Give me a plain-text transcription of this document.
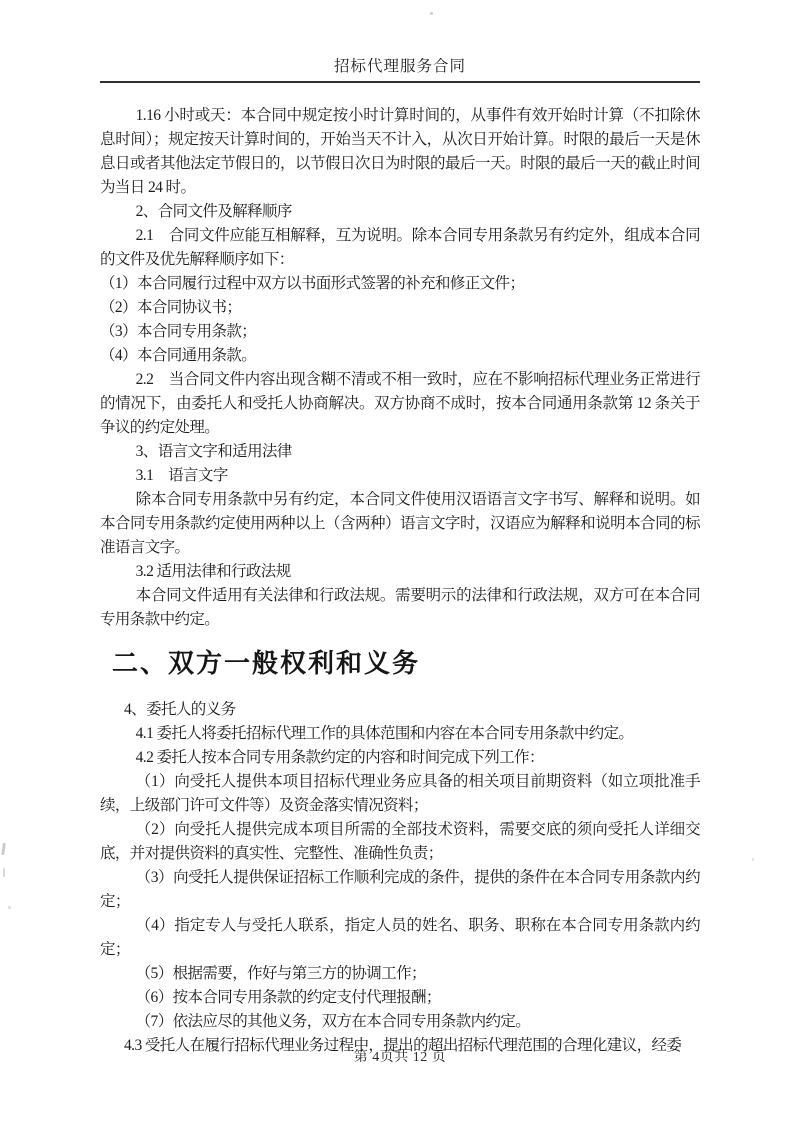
招标代理服务合同

1.16 小时或天：本合同中规定按小时计算时间的，从事件有效开始时计算（不扣除休息时间）；规定按天计算时间的，开始当天不计入，从次日开始计算。时限的最后一天是休息日或者其他法定节假日的，以节假日次日为时限的最后一天。时限的最后一天的截止时间为当日 24 时。

2、合同文件及解释顺序

2.1　合同文件应能互相解释，互为说明。除本合同专用条款另有约定外，组成本合同的文件及优先解释顺序如下：

（1）本合同履行过程中双方以书面形式签署的补充和修正文件；

（2）本合同协议书；

（3）本合同专用条款；

（4）本合同通用条款。

2.2　当合同文件内容出现含糊不清或不相一致时，应在不影响招标代理业务正常进行的情况下，由委托人和受托人协商解决。双方协商不成时，按本合同通用条款第 12 条关于争议的约定处理。

3、语言文字和适用法律

3.1　语言文字

除本合同专用条款中另有约定，本合同文件使用汉语语言文字书写、解释和说明。如本合同专用条款约定使用两种以上（含两种）语言文字时，汉语应为解释和说明本合同的标准语言文字。

3.2 适用法律和行政法规

本合同文件适用有关法律和行政法规。需要明示的法律和行政法规，双方可在本合同专用条款中约定。

二、双方一般权利和义务

4、委托人的义务

4.1 委托人将委托招标代理工作的具体范围和内容在本合同专用条款中约定。

4.2 委托人按本合同专用条款约定的内容和时间完成下列工作：

（1）向受托人提供本项目招标代理业务应具备的相关项目前期资料（如立项批准手续，上级部门许可文件等）及资金落实情况资料；

（2）向受托人提供完成本项目所需的全部技术资料，需要交底的须向受托人详细交底，并对提供资料的真实性、完整性、准确性负责；

（3）向受托人提供保证招标工作顺利完成的条件，提供的条件在本合同专用条款内约定；

（4）指定专人与受托人联系，指定人员的姓名、职务、职称在本合同专用条款内约定；

（5）根据需要，作好与第三方的协调工作；

（6）按本合同专用条款的约定支付代理报酬；

（7）依法应尽的其他义务，双方在本合同专用条款内约定。

4.3 受托人在履行招标代理业务过程中，提出的超出招标代理范围的合理化建议，经委

第 4页共 12 页
